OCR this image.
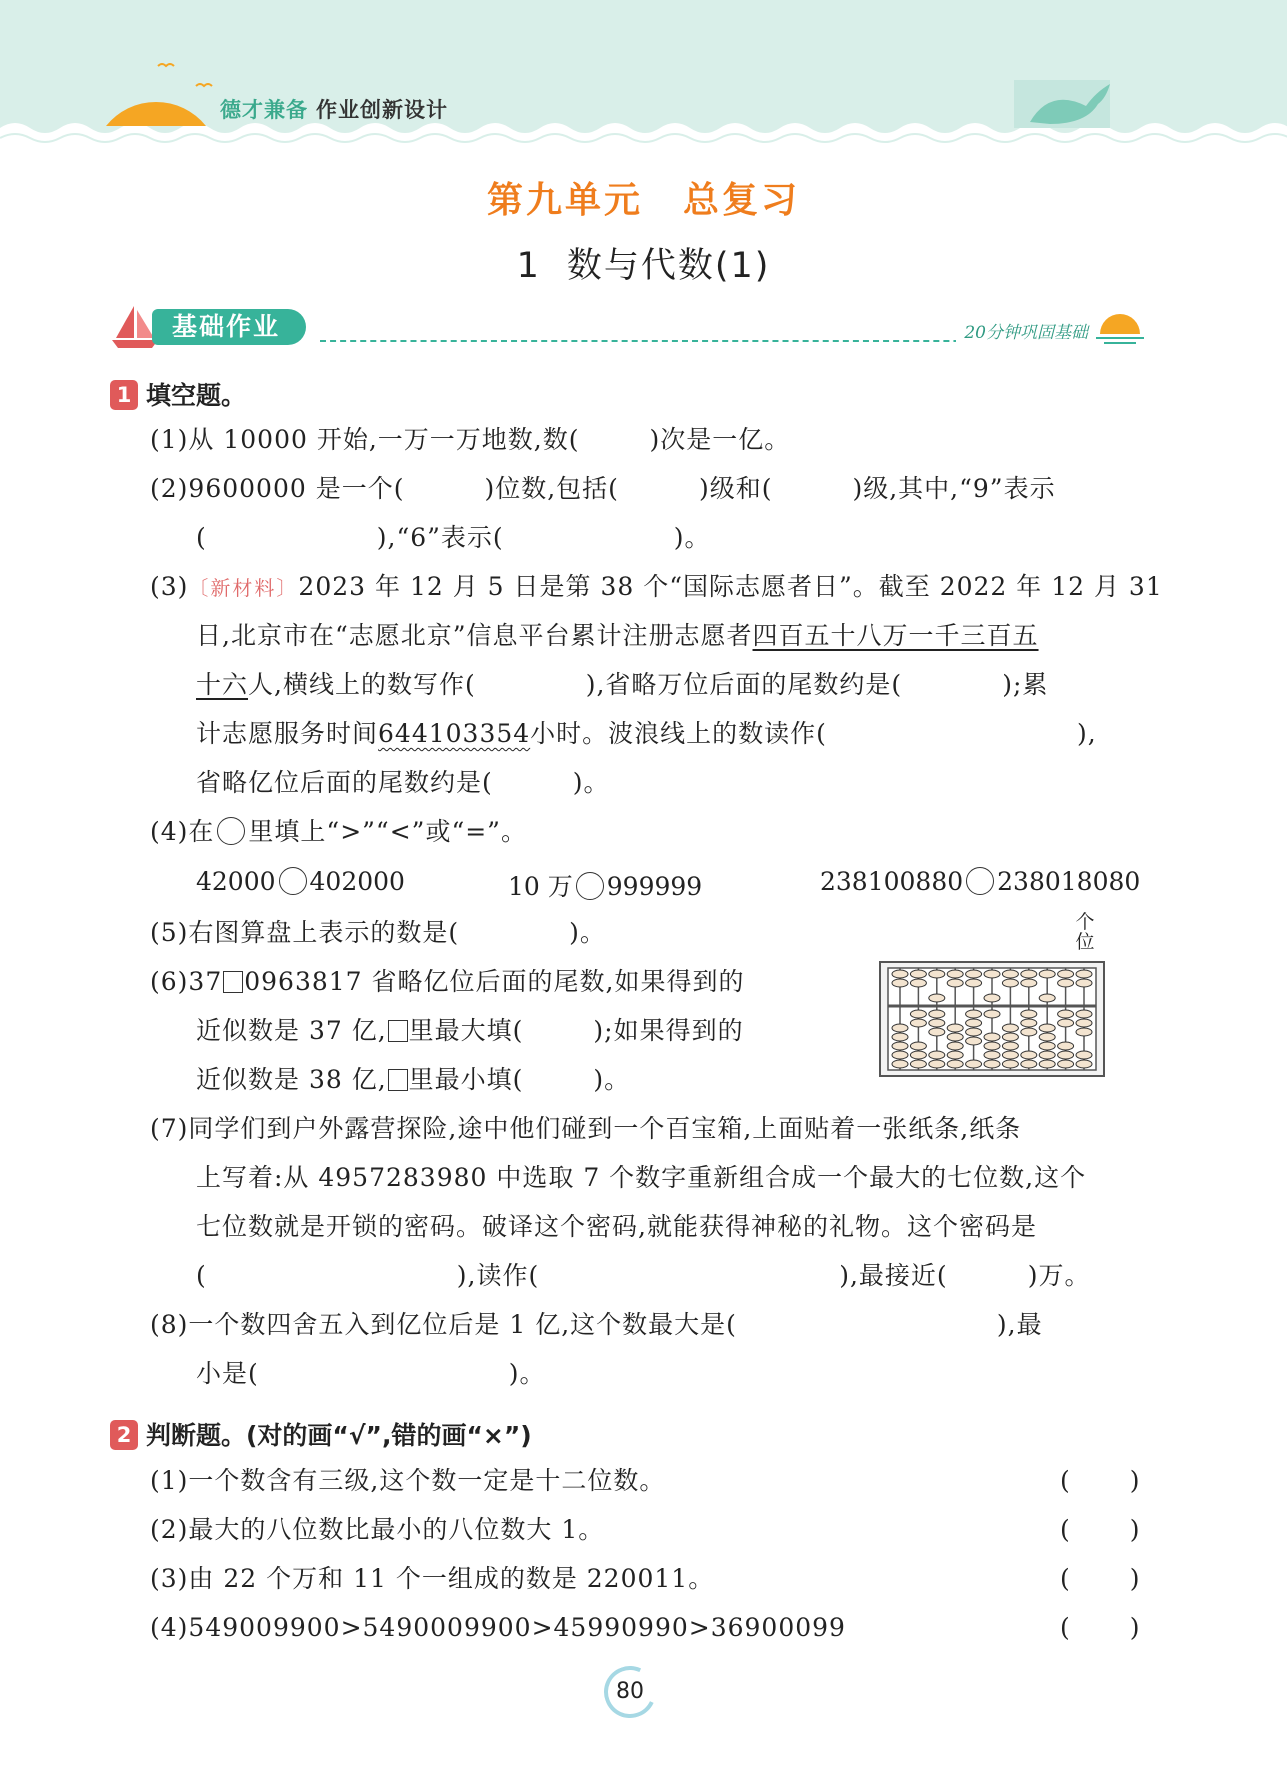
德才兼备 作业创新设计
第九单元 总复习
1 数与代数(1)
基础作业	20分钟巩固基础
1 填空题。
(1)从 10000 开始,一万一万地数,数(	)次是一亿。
(2)9600000 是一个(	)位数,包括(	)级和(	)级,其中,“9”表示
(	),“6”表示(	)。
(3)〔新材料〕2023 年 12 月 5 日是第 38 个“国际志愿者日”。截至 2022 年 12 月 31
日,北京市在“志愿北京”信息平台累计注册志愿者四百五十八万一千三百五
十六人,横线上的数写作(	),省略万位后面的尾数约是(	);累
计志愿服务时间644103354小时。波浪线上的数读作(	),
省略亿位后面的尾数约是(	)。
(4)在 里填上“>”“<”或“=”。
42000 402000	10 万 999999	238100880 238018080
(5)右图算盘上表示的数是(	)。	个
位
(6)37 0963817 省略亿位后面的尾数,如果得到的
近似数是 37 亿, 里最大填(	);如果得到的
近似数是 38 亿, 里最小填(	)。
(7)同学们到户外露营探险,途中他们碰到一个百宝箱,上面贴着一张纸条,纸条
上写着:从 4957283980 中选取 7 个数字重新组合成一个最大的七位数,这个
七位数就是开锁的密码。破译这个密码,就能获得神秘的礼物。这个密码是
(	),读作(	),最接近(	)万。
(8)一个数四舍五入到亿位后是 1 亿,这个数最大是(	),最
小是(	)。
2 判断题。(对的画“√”,错的画“×”)
(1)一个数含有三级,这个数一定是十二位数。	( )
(2)最大的八位数比最小的八位数大 1。	( )
(3)由 22 个万和 11 个一组成的数是 220011。	( )
(4)549009900>5490009900>45990990>36900099	( )
80
